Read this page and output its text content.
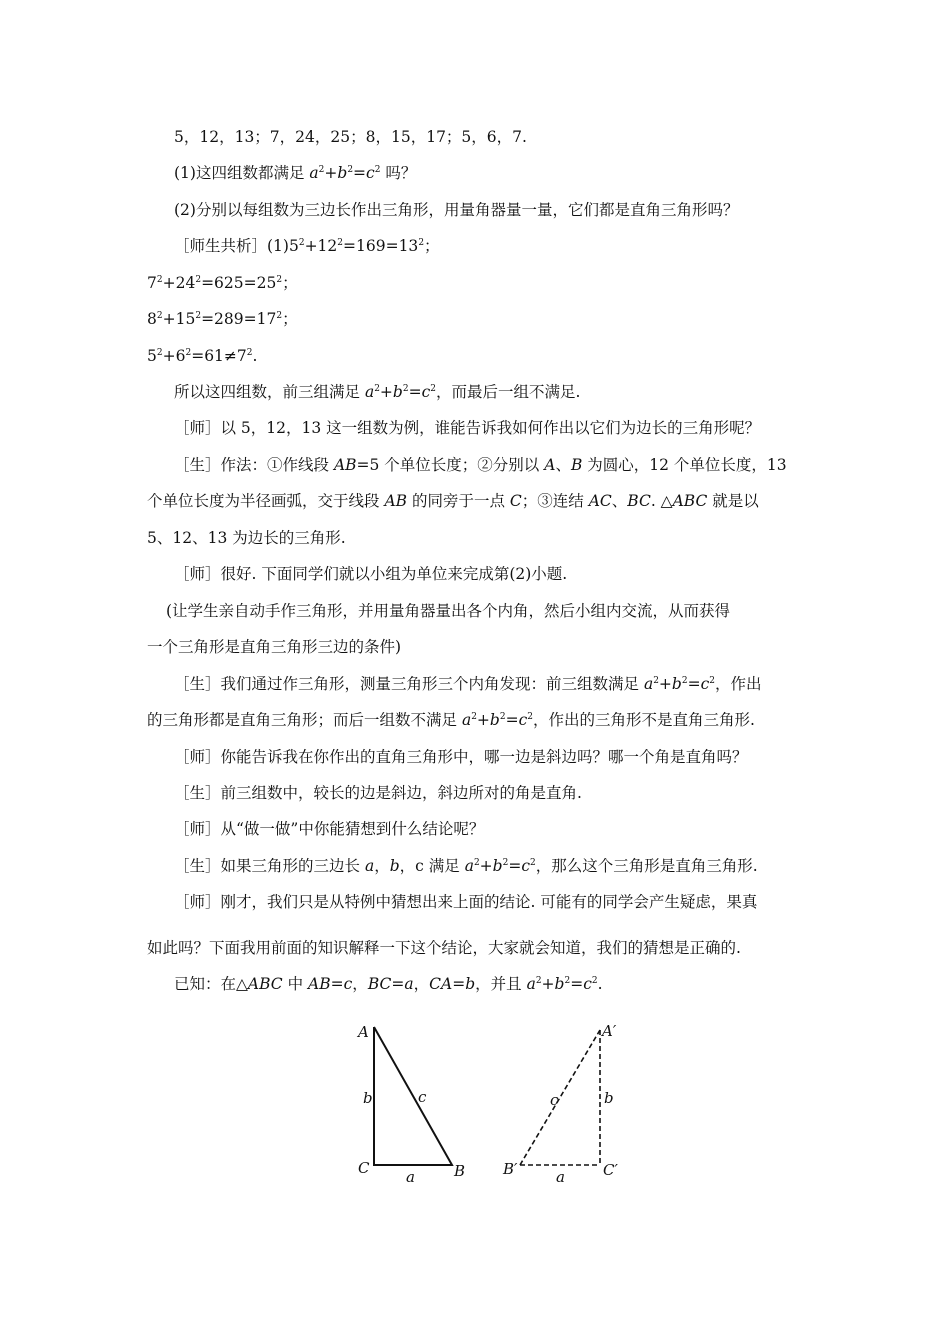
5，12，13；7，24，25；8，15，17；5，6，7.
(1)这四组数都满足 $a^2+b^2=c^2$ 吗？
(2)分别以每组数为三边长作出三角形，用量角器量一量，它们都是直角三角形吗？
［师生共析$](1)5^2+12^2=169=13^2$；
$7^2+24^2=625=25^2$；
$8^2+15^2=289=17^2$；
$5^2+6^2=61\ne 7^2$.
所以这四组数，前三组满足 $a^2+b^2=c^2$，而最后一组不满足.
［师］以 5，12，13 这一组数为例，谁能告诉我如何作出以它们为边长的三角形呢？
［生］作法：①作线段 AB=5 个单位长度；②分别以 A、B 为圆心，12 个单位长度，13
个单位长度为半径画弧，交于线段 AB 的同旁于一点 C；③连结 AC、BC. △ABC 就是以
5、12、13 为边长的三角形.
［师］很好. 下面同学们就以小组为单位来完成第(2)小题.
(让学生亲自动手作三角形，并用量角器量出各个内角，然后小组内交流，从而获得
一个三角形是直角三角形三边的条件)
［生］我们通过作三角形，测量三角形三个内角发现：前三组数满足 $a^2+b^2=c^2$，作出
的三角形都是直角三角形；而后一组数不满足 $a^2+b^2=c^2$，作出的三角形不是直角三角形.
［师］你能告诉我在你作出的直角三角形中，哪一边是斜边吗？哪一个角是直角吗？
［生］前三组数中，较长的边是斜边，斜边所对的角是直角.
［师］从“做一做”中你能猜想到什么结论呢？
［生］如果三角形的三边长 a，b，c 满足 $a^2+b^2=c^2$，那么这个三角形是直角三角形.
［师］刚才，我们只是从特例中猜想出来上面的结论. 可能有的同学会产生疑虑，果真
如此吗？下面我用前面的知识解释一下这个结论，大家就会知道，我们的猜想是正确的.
已知：在△ABC 中 AB=c，BC=a，CA=b，并且 $a^2+b^2=c^2$.
A
C	B
b	c
a
A′
B′	C′
b
c
a
